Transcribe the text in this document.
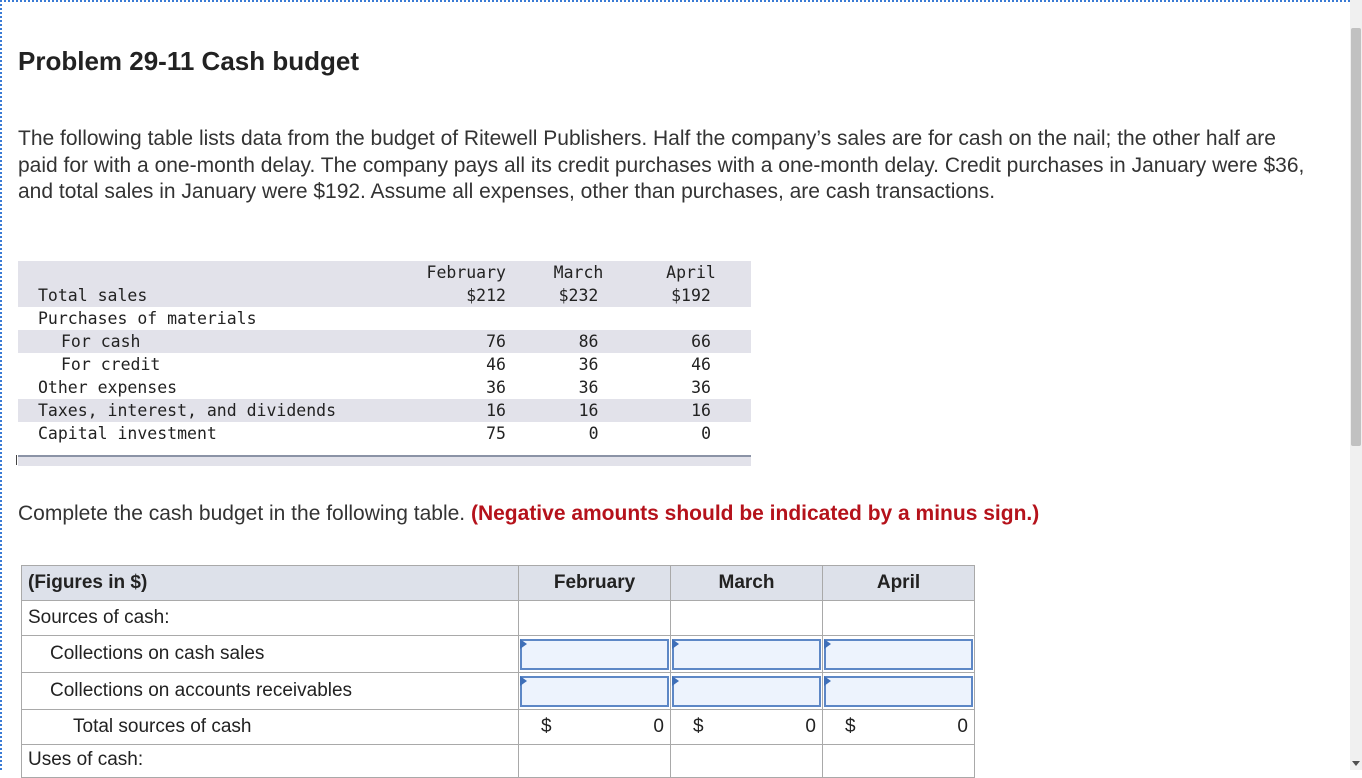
Problem 29-11 Cash budget

The following table lists data from the budget of Ritewell Publishers. Half the company’s sales are for cash on the nail; the other half are paid for with a one-month delay. The company pays all its credit purchases with a one-month delay. Credit purchases in January were $36, and total sales in January were $192. Assume all expenses, other than purchases, are cash transactions.

	February	March	April
Total sales	$212	$232	$192
Purchases of materials			
For cash	76	86	66
For credit	46	36	46
Other expenses	36	36	36
Taxes, interest, and dividends	16	16	16
Capital investment	75	0	0

Complete the cash budget in the following table. (Negative amounts should be indicated by a minus sign.)

(Figures in $)	February	March	April
Sources of cash:			
Collections on cash sales	

Collections on accounts receivables	

Total sources of cash	$ 0	$ 0	$ 0

Uses of cash:			
